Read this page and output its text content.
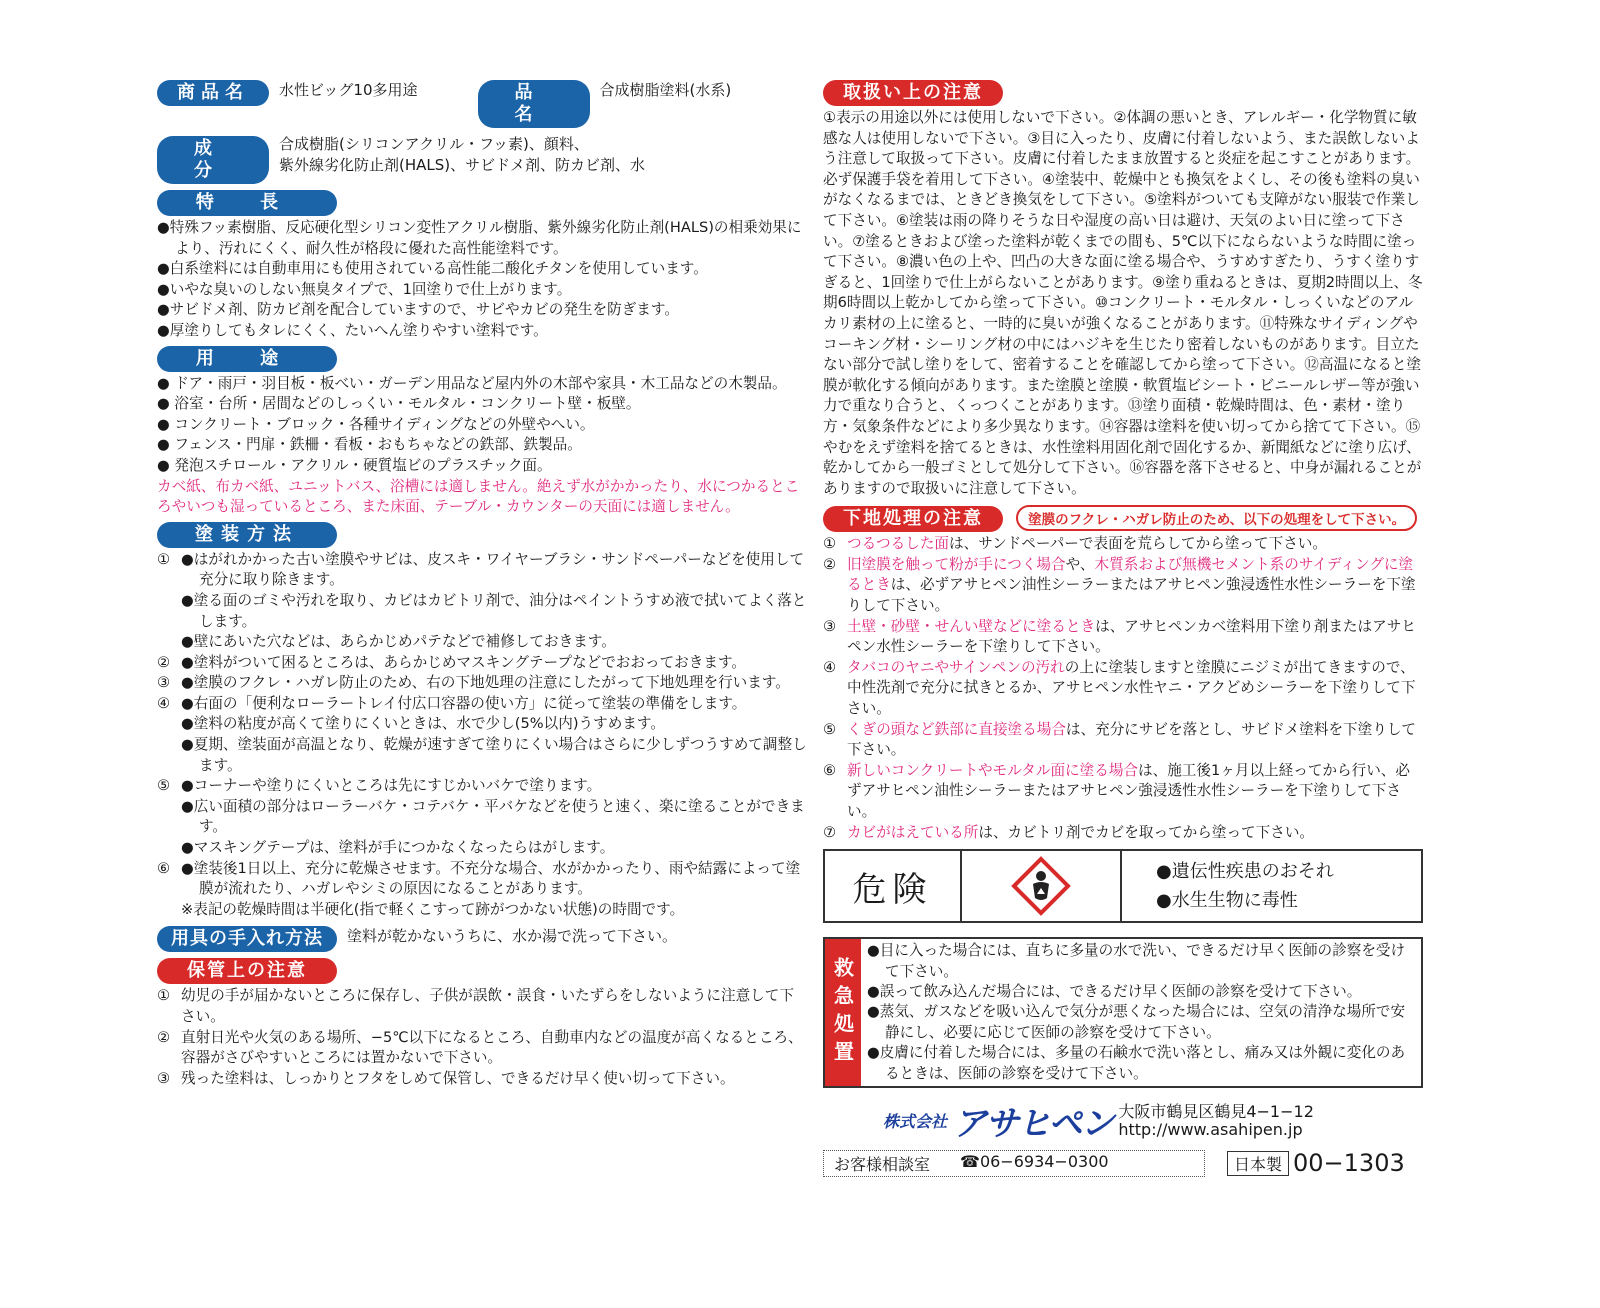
商品名	水性ビッグ10多用途	品 名
合成樹脂塗料(水系)
成 分
合成樹脂(シリコンアクリル・フッ素)、顔料、
紫外線劣化防止剤(HALS)、サビドメ剤、防カビ剤、水
特 長
●特殊フッ素樹脂、反応硬化型シリコン変性アクリル樹脂、紫外線劣化防止剤(HALS)の相乗効果により、汚れにくく、耐久性が格段に優れた高性能塗料です。
●白系塗料には自動車用にも使用されている高性能二酸化チタンを使用しています。
●いやな臭いのしない無臭タイプで、1回塗りで仕上がります。
●サビドメ剤、防カビ剤を配合していますので、サビやカビの発生を防ぎます。
●厚塗りしてもタレにくく、たいへん塗りやすい塗料です。
用 途
● ドア・雨戸・羽目板・板べい・ガーデン用品など屋内外の木部や家具・木工品などの木製品。
● 浴室・台所・居間などのしっくい・モルタル・コンクリート壁・板壁。
● コンクリート・ブロック・各種サイディングなどの外壁やへい。
● フェンス・門扉・鉄柵・看板・おもちゃなどの鉄部、鉄製品。
● 発泡スチロール・アクリル・硬質塩ビのプラスチック面。
カベ紙、布カベ紙、ユニットバス、浴槽には適しません。絶えず水がかかったり、水につかるところやいつも湿っているところ、また床面、テーブル・カウンターの天面には適しません。
塗装方法
① ●はがれかかった古い塗膜やサビは、皮スキ・ワイヤーブラシ・サンドペーパーなどを使用して充分に取り除きます。
●塗る面のゴミや汚れを取り、カビはカビトリ剤で、油分はペイントうすめ液で拭いてよく落とします。
●壁にあいた穴などは、あらかじめパテなどで補修しておきます。
② ●塗料がついて困るところは、あらかじめマスキングテープなどでおおっておきます。
③ ●塗膜のフクレ・ハガレ防止のため、右の下地処理の注意にしたがって下地処理を行います。
④ ●右面の「便利なローラートレイ付広口容器の使い方」に従って塗装の準備をします。
●塗料の粘度が高くて塗りにくいときは、水で少し(5%以内)うすめます。
●夏期、塗装面が高温となり、乾燥が速すぎて塗りにくい場合はさらに少しずつうすめて調整します。
⑤ ●コーナーや塗りにくいところは先にすじかいバケで塗ります。
●広い面積の部分はローラーバケ・コテバケ・平バケなどを使うと速く、楽に塗ることができます。
●マスキングテープは、塗料が手につかなくなったらはがします。
⑥ ●塗装後1日以上、充分に乾燥させます。不充分な場合、水がかかったり、雨や結露によって塗膜が流れたり、ハガレやシミの原因になることがあります。
※表記の乾燥時間は半硬化(指で軽くこすって跡がつかない状態)の時間です。
用具の手入れ方法	塗料が乾かないうちに、水か湯で洗って下さい。
保管上の注意
① 幼児の手が届かないところに保存し、子供が誤飲・誤食・いたずらをしないように注意して下さい。
② 直射日光や火気のある場所、−5℃以下になるところ、自動車内などの温度が高くなるところ、容器がさびやすいところには置かないで下さい。
③ 残った塗料は、しっかりとフタをしめて保管し、できるだけ早く使い切って下さい。
取扱い上の注意
①表示の用途以外には使用しないで下さい。②体調の悪いとき、アレルギー・化学物質に敏感な人は使用しないで下さい。③目に入ったり、皮膚に付着しないよう、また誤飲しないよう注意して取扱って下さい。皮膚に付着したまま放置すると炎症を起こすことがあります。必ず保護手袋を着用して下さい。④塗装中、乾燥中とも換気をよくし、その後も塗料の臭いがなくなるまでは、ときどき換気をして下さい。⑤塗料がついても支障がない服装で作業して下さい。⑥塗装は雨の降りそうな日や湿度の高い日は避け、天気のよい日に塗って下さい。⑦塗るときおよび塗った塗料が乾くまでの間も、5℃以下にならないような時間に塗って下さい。⑧濃い色の上や、凹凸の大きな面に塗る場合や、うすめすぎたり、うすく塗りすぎると、1回塗りで仕上がらないことがあります。⑨塗り重ねるときは、夏期2時間以上、冬期6時間以上乾かしてから塗って下さい。⑩コンクリート・モルタル・しっくいなどのアルカリ素材の上に塗ると、一時的に臭いが強くなることがあります。⑪特殊なサイディングやコーキング材・シーリング材の中にはハジキを生じたり密着しないものがあります。目立たない部分で試し塗りをして、密着することを確認してから塗って下さい。⑫高温になると塗膜が軟化する傾向があります。また塗膜と塗膜・軟質塩ビシート・ビニールレザー等が強い力で重なり合うと、くっつくことがあります。⑬塗り面積・乾燥時間は、色・素材・塗り方・気象条件などにより多少異なります。⑭容器は塗料を使い切ってから捨てて下さい。⑮やむをえず塗料を捨てるときは、水性塗料用固化剤で固化するか、新聞紙などに塗り広げ、乾かしてから一般ゴミとして処分して下さい。⑯容器を落下させると、中身が漏れることがありますので取扱いに注意して下さい。
下地処理の注意	塗膜のフクレ・ハガレ防止のため、以下の処理をして下さい。
① つるつるした面は、サンドペーパーで表面を荒らしてから塗って下さい。
② 旧塗膜を触って粉が手につく場合や、木質系および無機セメント系のサイディングに塗るときは、必ずアサヒペン油性シーラーまたはアサヒペン強浸透性水性シーラーを下塗りして下さい。
③ 土壁・砂壁・せんい壁などに塗るときは、アサヒペンカベ塗料用下塗り剤またはアサヒペン水性シーラーを下塗りして下さい。
④ タバコのヤニやサインペンの汚れの上に塗装しますと塗膜にニジミが出てきますので、中性洗剤で充分に拭きとるか、アサヒペン水性ヤニ・アクどめシーラーを下塗りして下さい。
⑤ くぎの頭など鉄部に直接塗る場合は、充分にサビを落とし、サビドメ塗料を下塗りして下さい。
⑥ 新しいコンクリートやモルタル面に塗る場合は、施工後1ヶ月以上経ってから行い、必ずアサヒペン油性シーラーまたはアサヒペン強浸透性水性シーラーを下塗りして下さい。
⑦ カビがはえている所は、カビトリ剤でカビを取ってから塗って下さい。
危険	●遺伝性疾患のおそれ
●水生生物に毒性
救急処置
●目に入った場合には、直ちに多量の水で洗い、できるだけ早く医師の診察を受けて下さい。
●誤って飲み込んだ場合には、できるだけ早く医師の診察を受けて下さい。
●蒸気、ガスなどを吸い込んで気分が悪くなった場合には、空気の清浄な場所で安静にし、必要に応じて医師の診察を受けて下さい。
●皮膚に付着した場合には、多量の石鹸水で洗い落とし、痛み又は外観に変化のあるときは、医師の診察を受けて下さい。
株式会社 アサヒペン 大阪市鶴見区鶴見4−1−12
http://www.asahipen.jp
お客様相談室 ☎06−6934−0300	日本製 00−1303
